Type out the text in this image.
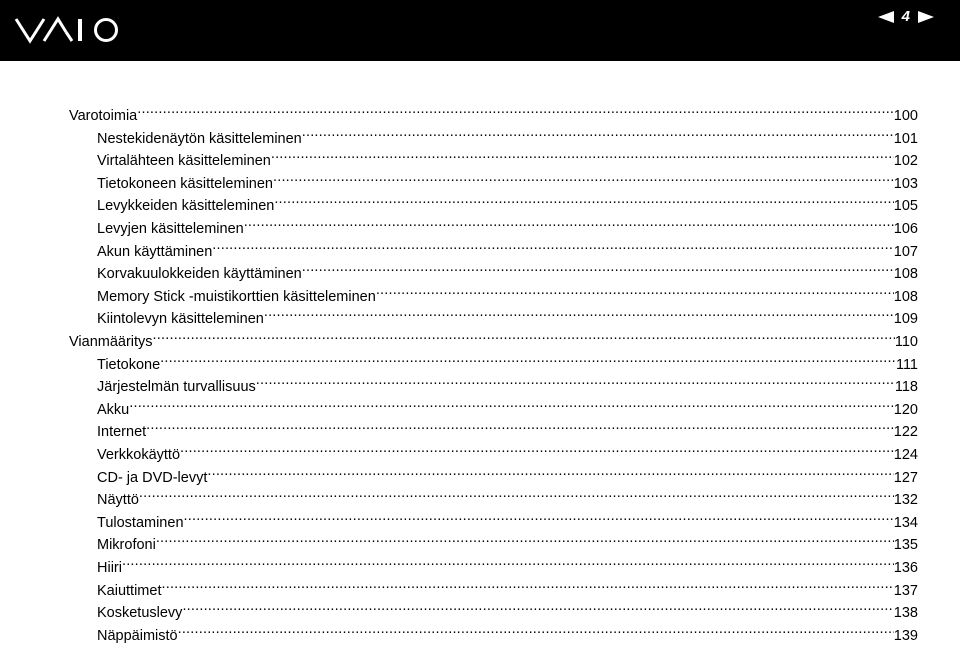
4
Varotoimia .....	100
Nestekidenäytön käsitteleminen .....	101
Virtalähteen käsitteleminen .....	102
Tietokoneen käsitteleminen .....	103
Levykkeiden käsitteleminen .....	105
Levyjen käsitteleminen .....	106
Akun käyttäminen .....	107
Korvakuulokkeiden käyttäminen .....	108
Memory Stick -muistikorttien käsitteleminen .....	108
Kiintolevyn käsitteleminen .....	109
Vianmääritys .....	110
Tietokone .....	111
Järjestelmän turvallisuus .....	118
Akku .....	120
Internet .....	122
Verkkokäyttö .....	124
CD- ja DVD-levyt .....	127
Näyttö .....	132
Tulostaminen .....	134
Mikrofoni .....	135
Hiiri .....	136
Kaiuttimet .....	137
Kosketuslevy .....	138
Näppäimistö .....	139
